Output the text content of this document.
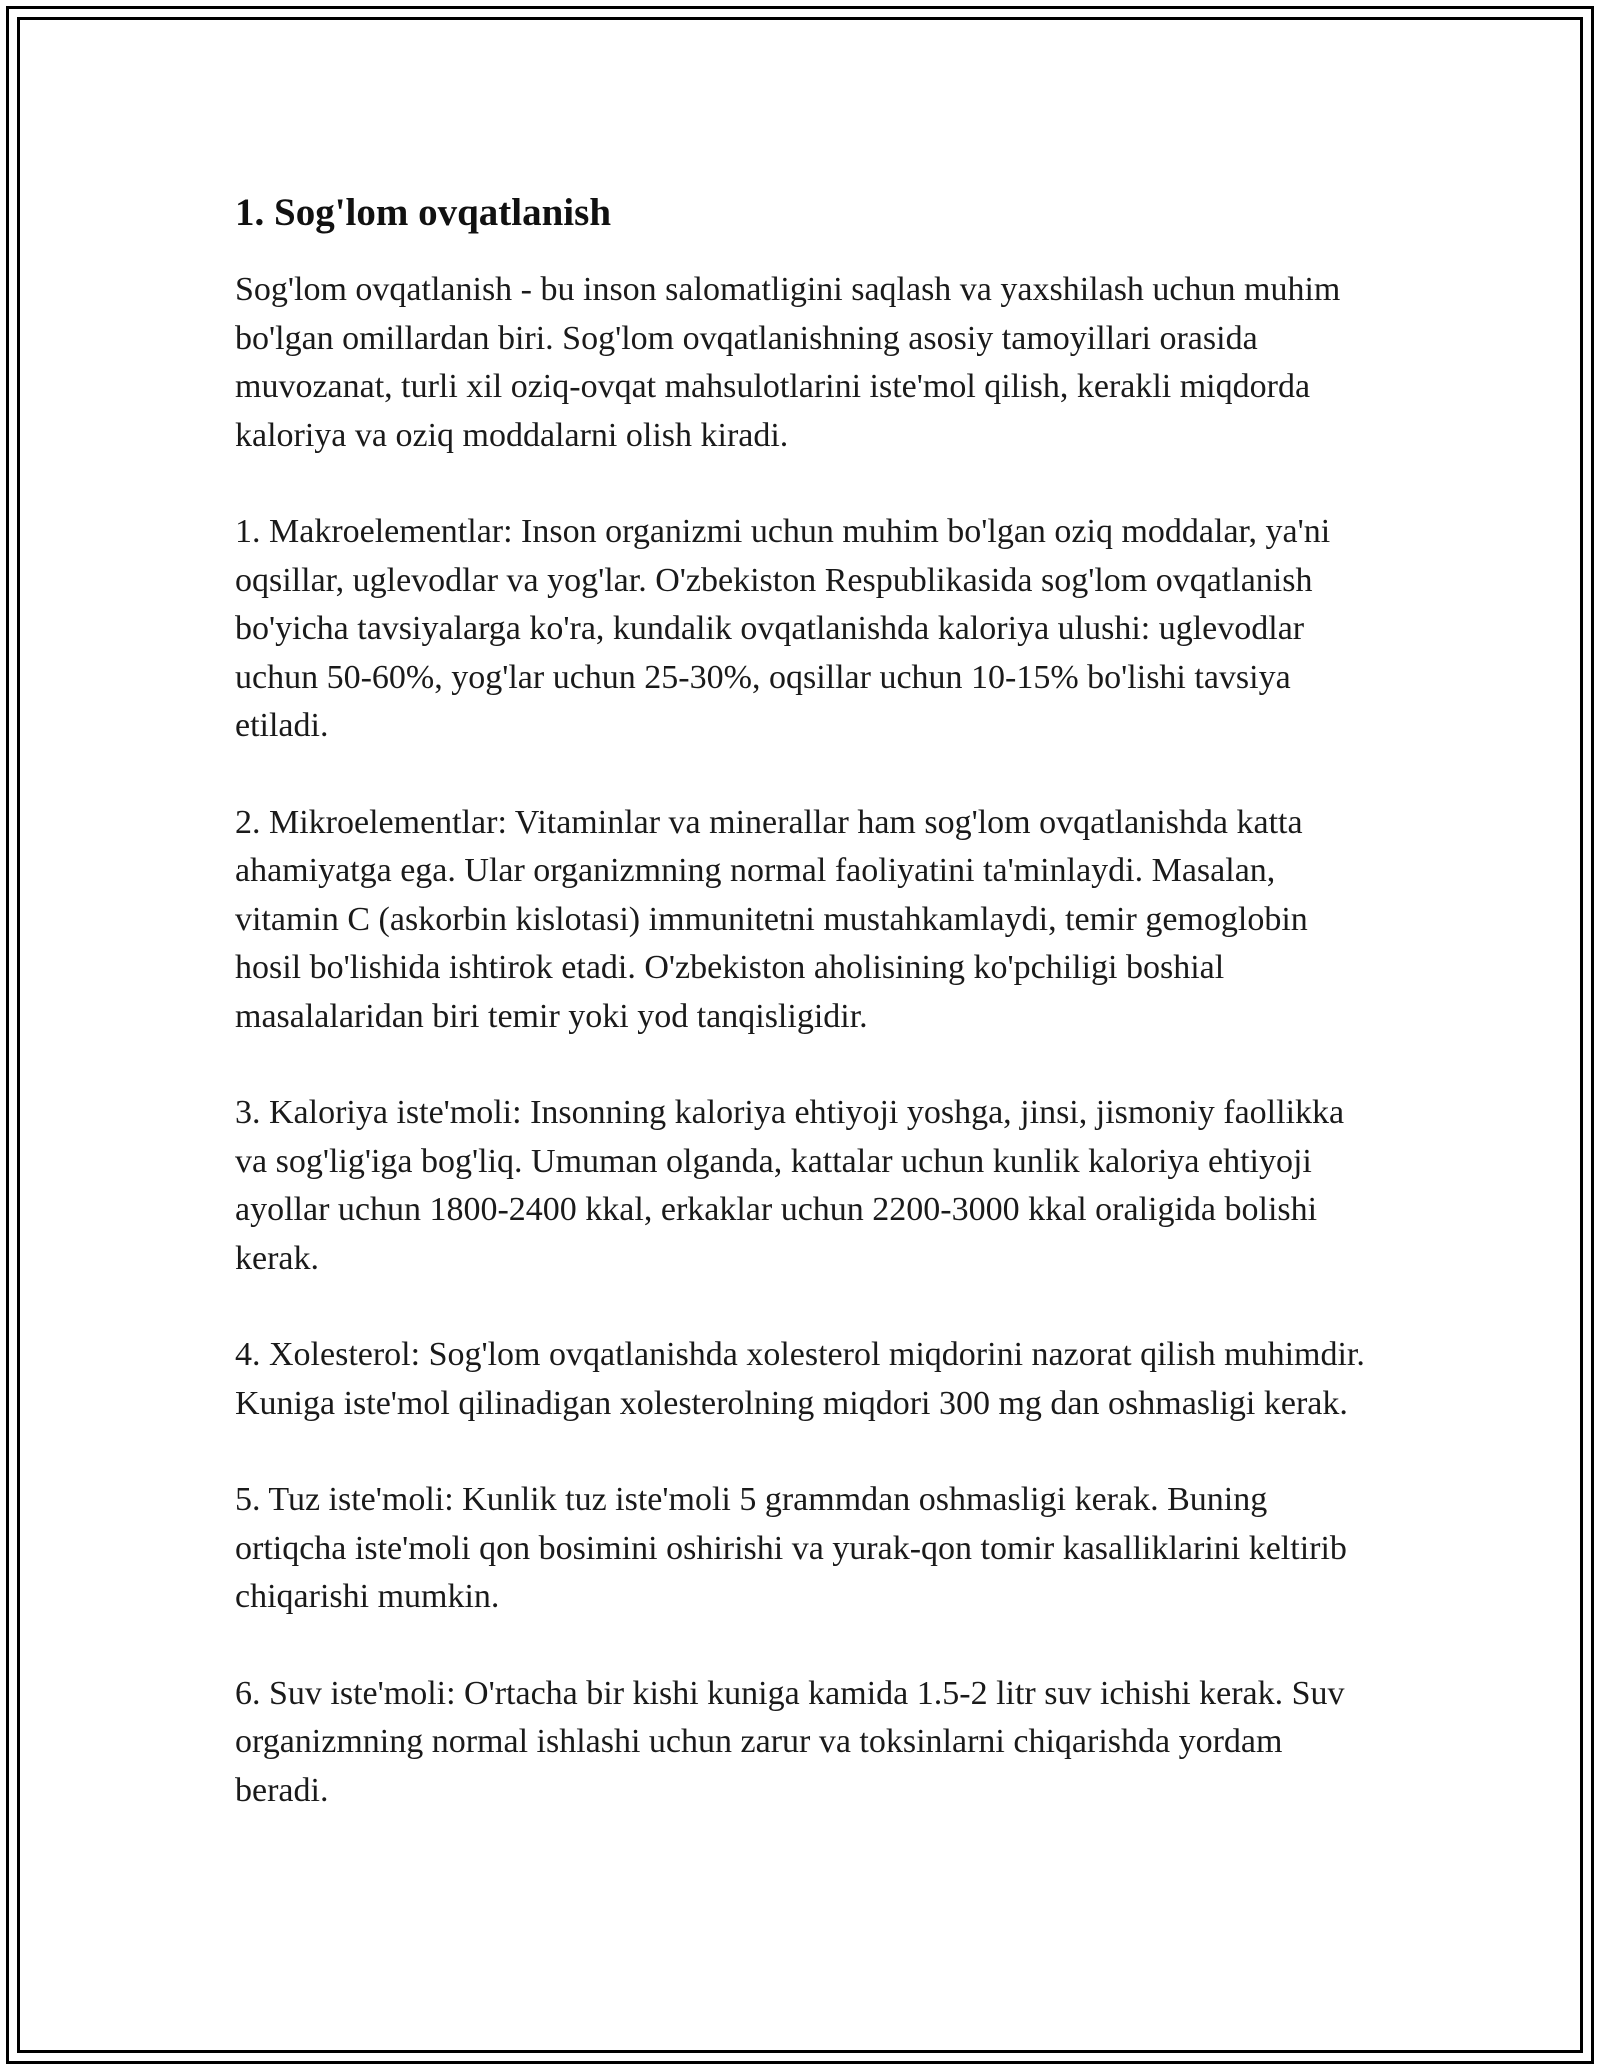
1. Sog'lom ovqatlanish

Sog'lom ovqatlanish - bu inson salomatligini saqlash va yaxshilash uchun muhim bo'lgan omillardan biri. Sog'lom ovqatlanishning asosiy tamoyillari orasida muvozanat, turli xil oziq-ovqat mahsulotlarini iste'mol qilish, kerakli miqdorda kaloriya va oziq moddalarni olish kiradi.

1. Makroelementlar: Inson organizmi uchun muhim bo'lgan oziq moddalar, ya'ni oqsillar, uglevodlar va yog'lar. O'zbekiston Respublikasida sog'lom ovqatlanish bo'yicha tavsiyalarga ko'ra, kundalik ovqatlanishda kaloriya ulushi: uglevodlar uchun 50-60%, yog'lar uchun 25-30%, oqsillar uchun 10-15% bo'lishi tavsiya etiladi.

2. Mikroelementlar: Vitaminlar va minerallar ham sog'lom ovqatlanishda katta ahamiyatga ega. Ular organizmning normal faoliyatini ta'minlaydi. Masalan, vitamin C (askorbin kislotasi) immunitetni mustahkamlaydi, temir gemoglobin hosil bo'lishida ishtirok etadi. O'zbekiston aholisining ko'pchiligi boshial masalalaridan biri temir yoki yod tanqisligidir.

3. Kaloriya iste'moli: Insonning kaloriya ehtiyoji yoshga, jinsi, jismoniy faollikka va sog'lig'iga bog'liq. Umuman olganda, kattalar uchun kunlik kaloriya ehtiyoji ayollar uchun 1800-2400 kkal, erkaklar uchun 2200-3000 kkal oraligida bolishi kerak.

4. Xolesterol: Sog'lom ovqatlanishda xolesterol miqdorini nazorat qilish muhimdir. Kuniga iste'mol qilinadigan xolesterolning miqdori 300 mg dan oshmasligi kerak.

5. Tuz iste'moli: Kunlik tuz iste'moli 5 grammdan oshmasligi kerak. Buning ortiqcha iste'moli qon bosimini oshirishi va yurak-qon tomir kasalliklarini keltirib chiqarishi mumkin.

6. Suv iste'moli: O'rtacha bir kishi kuniga kamida 1.5-2 litr suv ichishi kerak. Suv organizmning normal ishlashi uchun zarur va toksinlarni chiqarishda yordam beradi.
